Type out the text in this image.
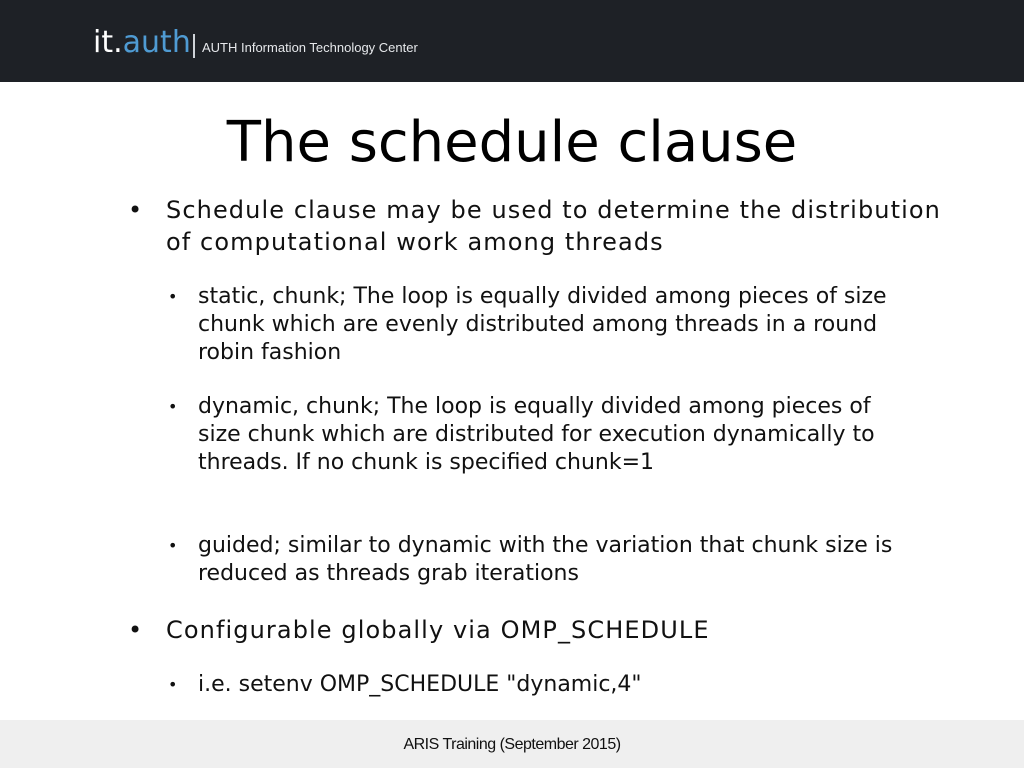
it.auth AUTH Information Technology Center
The schedule clause
• Schedule clause may be used to determine the distribution of computational work among threads
• static, chunk; The loop is equally divided among pieces of size chunk which are evenly distributed among threads in a round robin fashion
• dynamic, chunk; The loop is equally divided among pieces of size chunk which are distributed for execution dynamically to threads. If no chunk is specified chunk=1
• guided; similar to dynamic with the variation that chunk size is reduced as threads grab iterations
• Configurable globally via OMP_SCHEDULE
• i.e. setenv OMP_SCHEDULE "dynamic,4"
ARIS Training (September 2015)
